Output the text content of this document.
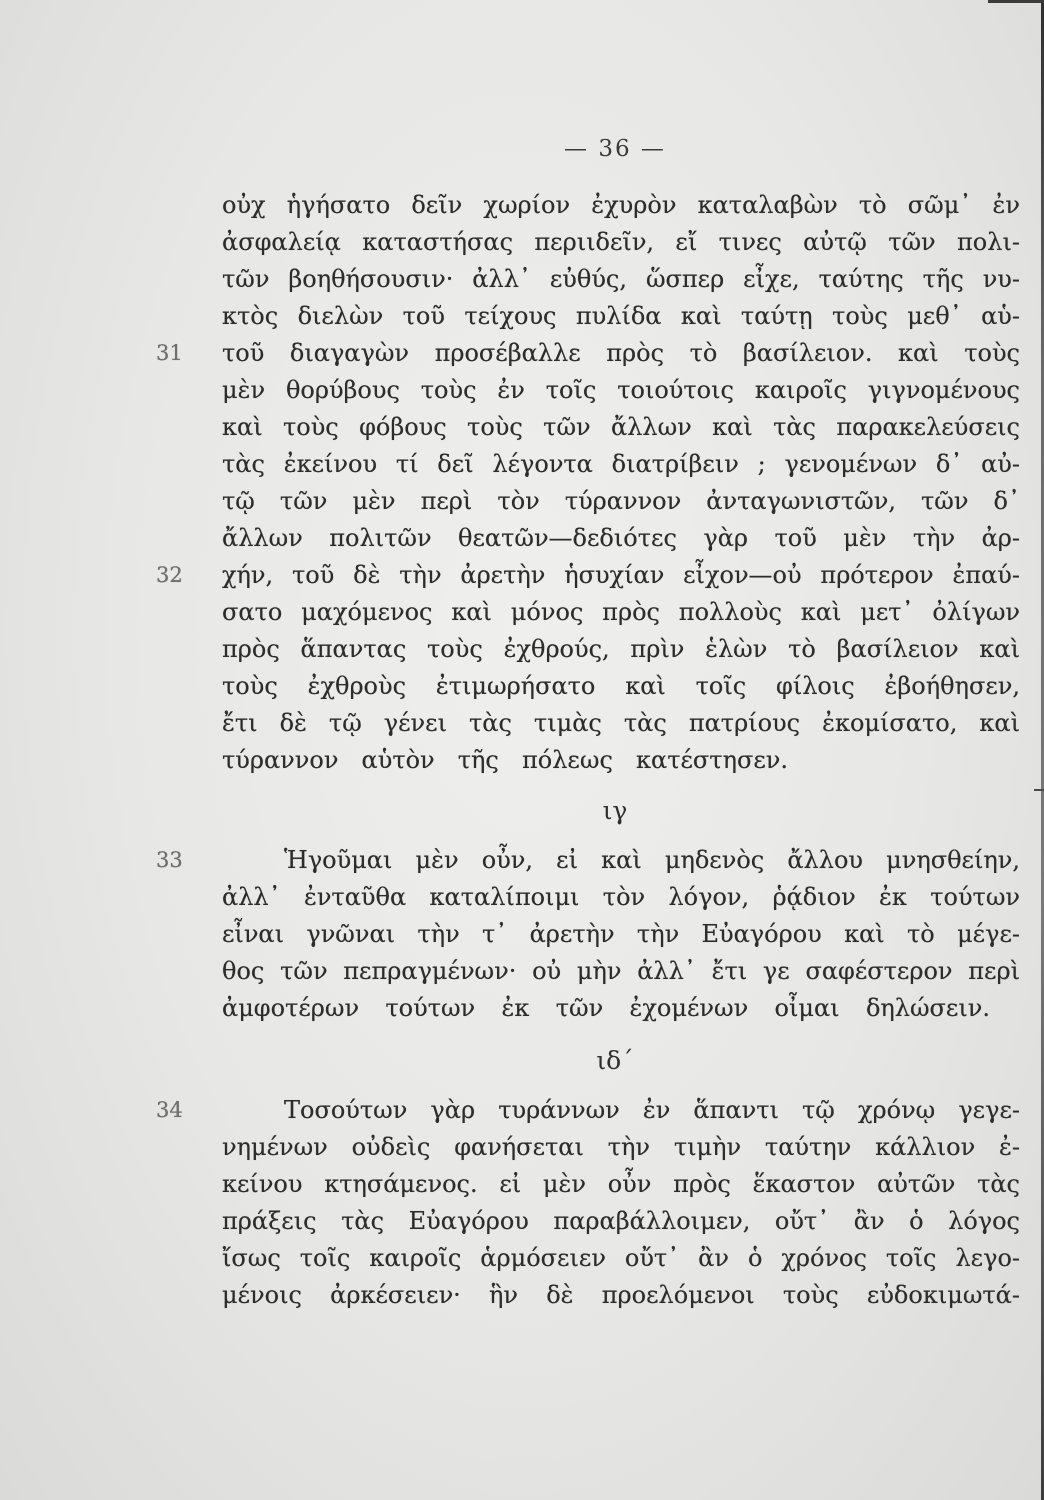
— 36 —
οὐχ ἡγήσατο δεῖν χωρίον ἐχυρὸν καταλαβὼν τὸ σῶμ᾽ ἐν
ἀσφαλείᾳ καταστήσας περιιδεῖν, εἴ τινες αὐτῷ τῶν πολι-
τῶν βοηθήσουσιν· ἀλλ᾽ εὐθύς, ὥσπερ εἶχε, ταύτης τῆς νυ-
κτὸς διελὼν τοῦ τείχους πυλίδα καὶ ταύτῃ τοὺς μεθ᾽ αὑ-
31 τοῦ διαγαγὼν προσέβαλλε πρὸς τὸ βασίλειον. καὶ τοὺς
μὲν θορύβους τοὺς ἐν τοῖς τοιούτοις καιροῖς γιγνομένους
καὶ τοὺς φόβους τοὺς τῶν ἄλλων καὶ τὰς παρακελεύσεις
τὰς ἐκείνου τί δεῖ λέγοντα διατρίβειν ; γενομένων δ᾽ αὐ-
τῷ τῶν μὲν περὶ τὸν τύραννον ἀνταγωνιστῶν, τῶν δ᾽
ἄλλων πολιτῶν θεατῶν—δεδιότες γὰρ τοῦ μὲν τὴν ἀρ-
32 χήν, τοῦ δὲ τὴν ἀρετὴν ἡσυχίαν εἶχον—οὐ πρότερον ἐπαύ-
σατο μαχόμενος καὶ μόνος πρὸς πολλοὺς καὶ μετ᾽ ὀλίγων
πρὸς ἅπαντας τοὺς ἐχθρούς, πρὶν ἑλὼν τὸ βασίλειον καὶ
τοὺς ἐχθροὺς ἐτιμωρήσατο καὶ τοῖς φίλοις ἐβοήθησεν,
ἔτι δὲ τῷ γένει τὰς τιμὰς τὰς πατρίους ἐκομίσατο, καὶ
τύραννον αὑτὸν τῆς πόλεως κατέστησεν.
ιγ
33	Ἡγοῦμαι μὲν οὖν, εἰ καὶ μηδενὸς ἄλλου μνησθείην,
ἀλλ᾽ ἐνταῦθα καταλίποιμι τὸν λόγον, ῥᾴδιον ἐκ τούτων
εἶναι γνῶναι τὴν τ᾽ ἀρετὴν τὴν Εὐαγόρου καὶ τὸ μέγε-
θος τῶν πεπραγμένων· οὐ μὴν ἀλλ᾽ ἔτι γε σαφέστερον περὶ
ἀμφοτέρων τούτων ἐκ τῶν ἐχομένων οἶμαι δηλώσειν.
ιδ´
34	Τοσούτων γὰρ τυράννων ἐν ἅπαντι τῷ χρόνῳ γεγε-
νημένων οὐδεὶς φανήσεται τὴν τιμὴν ταύτην κάλλιον ἐ-
κείνου κτησάμενος. εἰ μὲν οὖν πρὸς ἕκαστον αὐτῶν τὰς
πράξεις τὰς Εὐαγόρου παραβάλλοιμεν, οὔτ᾽ ἂν ὁ λόγος
ἴσως τοῖς καιροῖς ἁρμόσειεν οὔτ᾽ ἂν ὁ χρόνος τοῖς λεγο-
μένοις ἀρκέσειεν· ἣν δὲ προελόμενοι τοὺς εὐδοκιμωτά-
